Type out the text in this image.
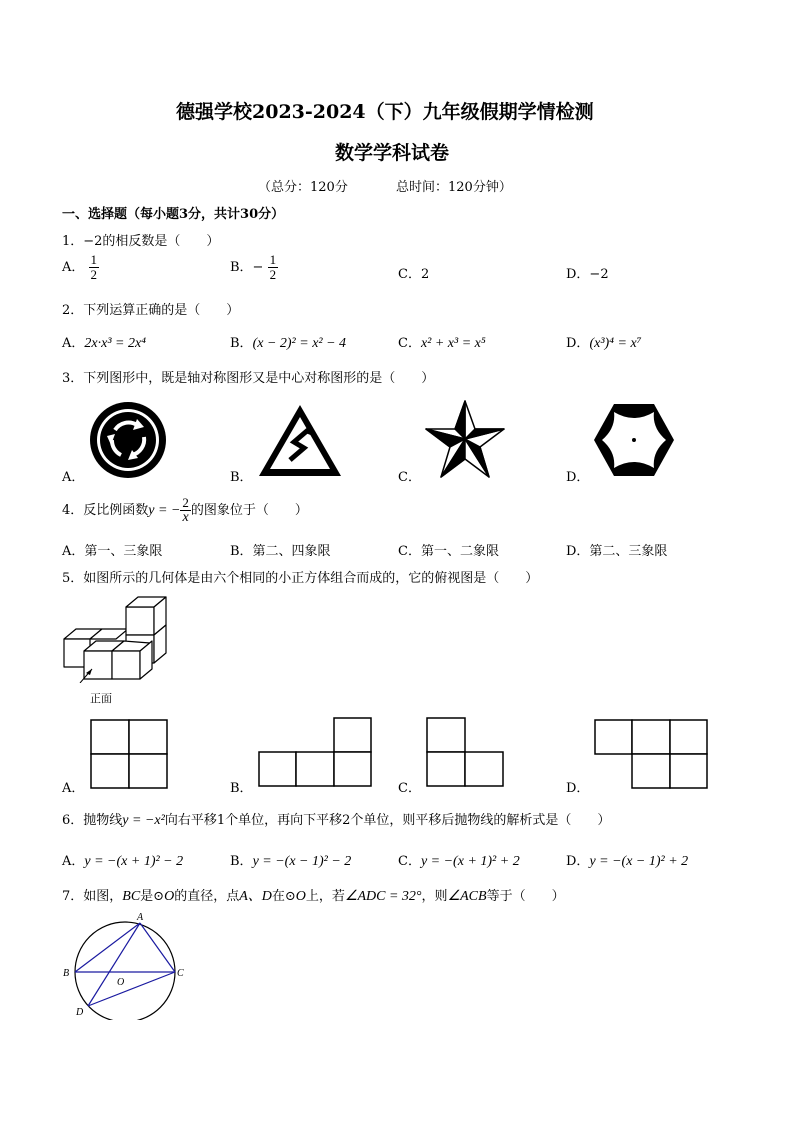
德强学校2023-2024（下）九年级假期学情检测
数学学科试卷
（总分：120分	总时间：120分钟）
一、选择题（每小题3分，共计30分）
1．−2的相反数是（　　）
A． $\frac{1}{2}$	B．− $\frac{1}{2}$	C．2	D．−2
2．下列运算正确的是（　　）
A．2x·x³ = 2x⁴	B．(x − 2)² = x² − 4	C．x² + x³ = x⁵	D．(x³)⁴ = x⁷
3．下列图形中，既是轴对称图形又是中心对称图形的是（　　）
A．	B．	C．	D．
4．反比例函数y = − $\frac{2}{x}$ 的图象位于（　　）
A．第一、三象限	B．第二、四象限	C．第一、二象限	D．第二、三象限
5．如图所示的几何体是由六个相同的小正方体组合而成的，它的俯视图是（　　）
正面
A．	B．	C．	D．
6．抛物线y = −x²向右平移1个单位，再向下平移2个单位，则平移后抛物线的解析式是（　　）
A．y = −(x + 1)² − 2	B．y = −(x − 1)² − 2	C．y = −(x + 1)² + 2	D．y = −(x − 1)² + 2
7．如图，BC是⊙O的直径，点A、D在⊙O上，若∠ADC = 32°，则∠ACB等于（　　）
A
B	C
D
O
